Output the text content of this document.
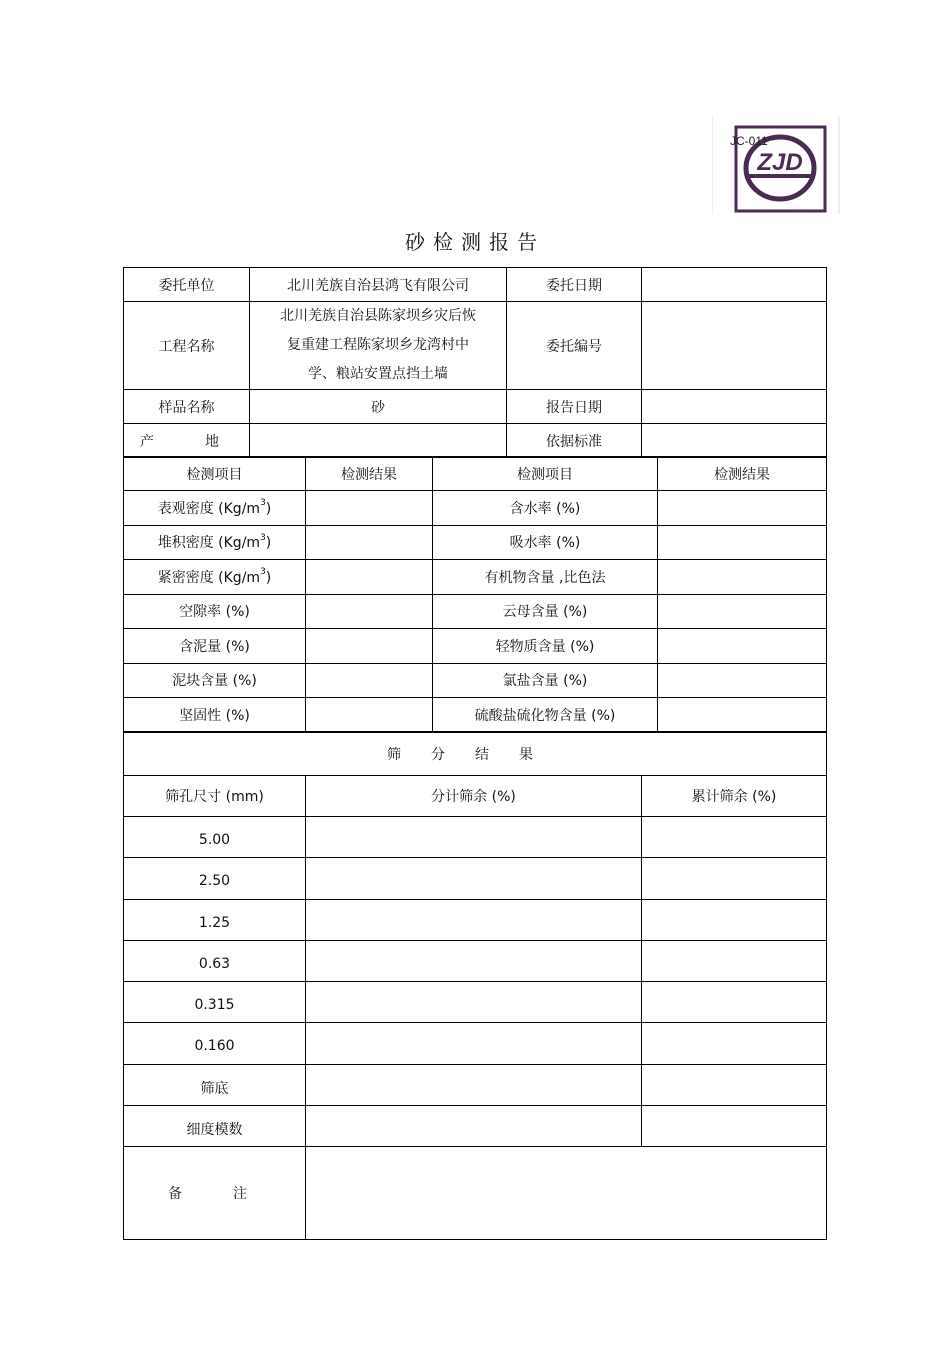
JC-011
ZJD
砂检测报告
委托单位	北川羌族自治县鸿飞有限公司	委托日期	
工程名称	北川羌族自治县陈家坝乡灾后恢
复重建工程陈家坝乡龙湾村中
学、粮站安置点挡土墙	委托编号	
样品名称	砂	报告日期	
产  地		依据标准	
检测项目	检测结果	检测项目	检测结果
表观密度 $(Kg/m^3)$		含水率 (%)	
堆积密度 $(Kg/m^3)$		吸水率 (%)	
紧密密度 $(Kg/m^3)$		有机物含量 ,比色法	
空隙率 (%)		云母含量 (%)	
含泥量 (%)		轻物质含量 (%)	
泥块含量 (%)		氯盐含量 (%)	
坚固性 (%)		硫酸盐硫化物含量 (%)	
筛分结果		
筛孔尺寸 (mm)	分计筛余 (%)	累计筛余 (%)
5.00		
2.50		
1.25		
0.63		
0.315		
0.160		
筛底		
细度模数		
备  注		
